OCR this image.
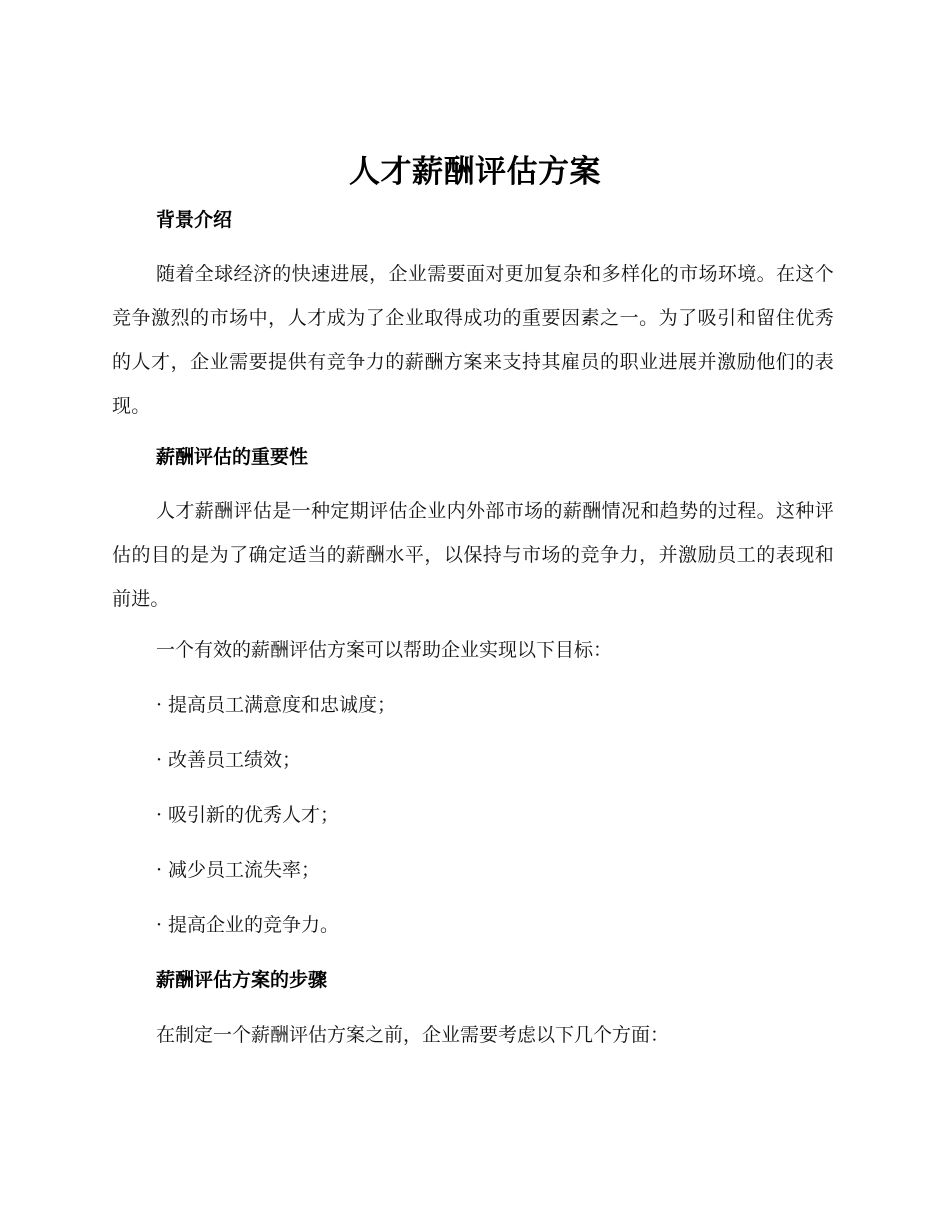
人才薪酬评估方案
背景介绍
随着全球经济的快速进展，企业需要面对更加复杂和多样化的市场环境。在这个竞争激烈的市场中，人才成为了企业取得成功的重要因素之一。为了吸引和留住优秀的人才，企业需要提供有竞争力的薪酬方案来支持其雇员的职业进展并激励他们的表现。
薪酬评估的重要性
人才薪酬评估是一种定期评估企业内外部市场的薪酬情况和趋势的过程。这种评估的目的是为了确定适当的薪酬水平，以保持与市场的竞争力，并激励员工的表现和前进。
一个有效的薪酬评估方案可以帮助企业实现以下目标：
· 提高员工满意度和忠诚度；
· 改善员工绩效；
· 吸引新的优秀人才；
· 减少员工流失率；
· 提高企业的竞争力。
薪酬评估方案的步骤
在制定一个薪酬评估方案之前，企业需要考虑以下几个方面：
